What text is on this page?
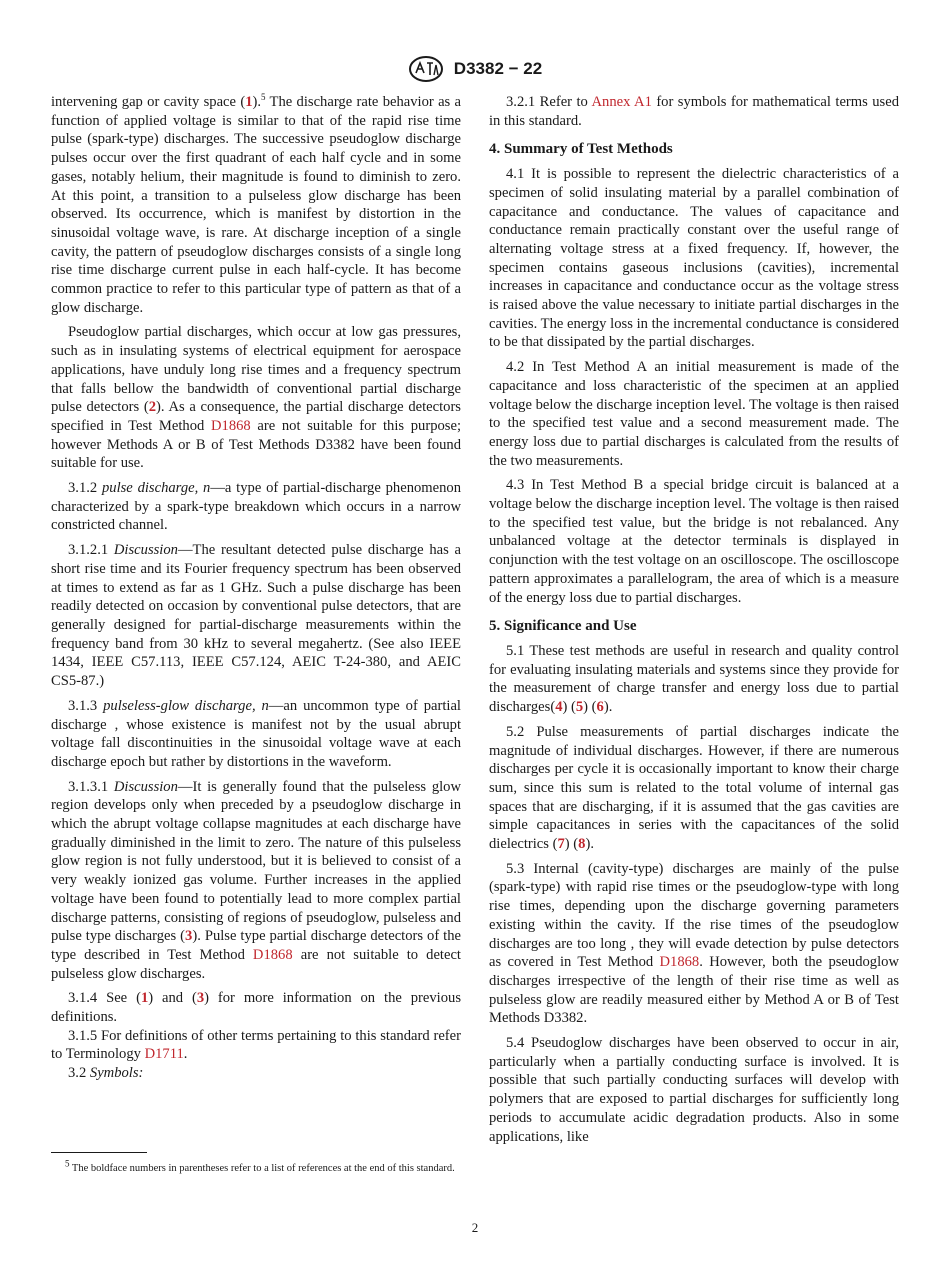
D3382 − 22

intervening gap or cavity space (1).$^5$ The discharge rate behavior as a function of applied voltage is similar to that of the rapid rise time pulse (spark-type) discharges. The successive pseudoglow discharge pulses occur over the first quadrant of each half cycle and in some gases, notably helium, their magnitude is found to diminish to zero. At this point, a transition to a pulseless glow discharge has been observed. Its occurrence, which is manifest by distortion in the sinusoidal voltage wave, is rare. At discharge inception of a single cavity, the pattern of pseudoglow discharges consists of a single long rise time discharge current pulse in each half-cycle. It has become common practice to refer to this particular type of pattern as that of a glow discharge.

Pseudoglow partial discharges, which occur at low gas pressures, such as in insulating systems of electrical equipment for aerospace applications, have unduly long rise times and a frequency spectrum that falls bellow the bandwidth of conventional partial discharge pulse detectors (2). As a consequence, the partial discharge detectors specified in Test Method D1868 are not suitable for this purpose; however Methods A or B of Test Methods D3382 have been found suitable for use.

3.1.2 pulse discharge, n—a type of partial-discharge phenomenon characterized by a spark-type breakdown which occurs in a narrow constricted channel.

3.1.2.1 Discussion—The resultant detected pulse discharge has a short rise time and its Fourier frequency spectrum has been observed at times to extend as far as 1 GHz. Such a pulse discharge has been readily detected on occasion by conventional pulse detectors, that are generally designed for partial-discharge measurements within the frequency band from 30 kHz to several megahertz. (See also IEEE 1434, IEEE C57.113, IEEE C57.124, AEIC T-24-380, and AEIC CS5-87.)

3.1.3 pulseless-glow discharge, n—an uncommon type of partial discharge , whose existence is manifest not by the usual abrupt voltage fall discontinuities in the sinusoidal voltage wave at each discharge epoch but rather by distortions in the waveform.

3.1.3.1 Discussion—It is generally found that the pulseless glow region develops only when preceded by a pseudoglow discharge in which the abrupt voltage collapse magnitudes at each discharge have gradually diminished in the limit to zero. The nature of this pulseless glow region is not fully understood, but it is believed to consist of a very weakly ionized gas volume. Further increases in the applied voltage have been found to potentially lead to more complex partial discharge patterns, consisting of regions of pseudoglow, pulseless and pulse type discharges (3). Pulse type partial discharge detectors of the type described in Test Method D1868 are not suitable to detect pulseless glow discharges.

3.1.4 See (1) and (3) for more information on the previous definitions.

3.1.5 For definitions of other terms pertaining to this standard refer to Terminology D1711.

3.2 Symbols:

3.2.1 Refer to Annex A1 for symbols for mathematical terms used in this standard.

4. Summary of Test Methods

4.1 It is possible to represent the dielectric characteristics of a specimen of solid insulating material by a parallel combination of capacitance and conductance. The values of capacitance and conductance remain practically constant over the useful range of alternating voltage stress at a fixed frequency. If, however, the specimen contains gaseous inclusions (cavities), incremental increases in capacitance and conductance occur as the voltage stress is raised above the value necessary to initiate partial discharges in the cavities. The energy loss in the incremental conductance is considered to be that dissipated by the partial discharges.

4.2 In Test Method A an initial measurement is made of the capacitance and loss characteristic of the specimen at an applied voltage below the discharge inception level. The voltage is then raised to the specified test value and a second measurement made. The energy loss due to partial discharges is calculated from the results of the two measurements.

4.3 In Test Method B a special bridge circuit is balanced at a voltage below the discharge inception level. The voltage is then raised to the specified test value, but the bridge is not rebalanced. Any unbalanced voltage at the detector terminals is displayed in conjunction with the test voltage on an oscilloscope. The oscilloscope pattern approximates a parallelogram, the area of which is a measure of the energy loss due to partial discharges.

5. Significance and Use

5.1 These test methods are useful in research and quality control for evaluating insulating materials and systems since they provide for the measurement of charge transfer and energy loss due to partial discharges(4) (5) (6).

5.2 Pulse measurements of partial discharges indicate the magnitude of individual discharges. However, if there are numerous discharges per cycle it is occasionally important to know their charge sum, since this sum is related to the total volume of internal gas spaces that are discharging, if it is assumed that the gas cavities are simple capacitances in series with the capacitances of the solid dielectrics (7) (8).

5.3 Internal (cavity-type) discharges are mainly of the pulse (spark-type) with rapid rise times or the pseudoglow-type with long rise times, depending upon the discharge governing parameters existing within the cavity. If the rise times of the pseudoglow discharges are too long , they will evade detection by pulse detectors as covered in Test Method D1868. However, both the pseudoglow discharges irrespective of the length of their rise time as well as pulseless glow are readily measured either by Method A or B of Test Methods D3382.

5.4 Pseudoglow discharges have been observed to occur in air, particularly when a partially conducting surface is involved. It is possible that such partially conducting surfaces will develop with polymers that are exposed to partial discharges for sufficiently long periods to accumulate acidic degradation products. Also in some applications, like

$^5$ The boldface numbers in parentheses refer to a list of references at the end of this standard.
2
